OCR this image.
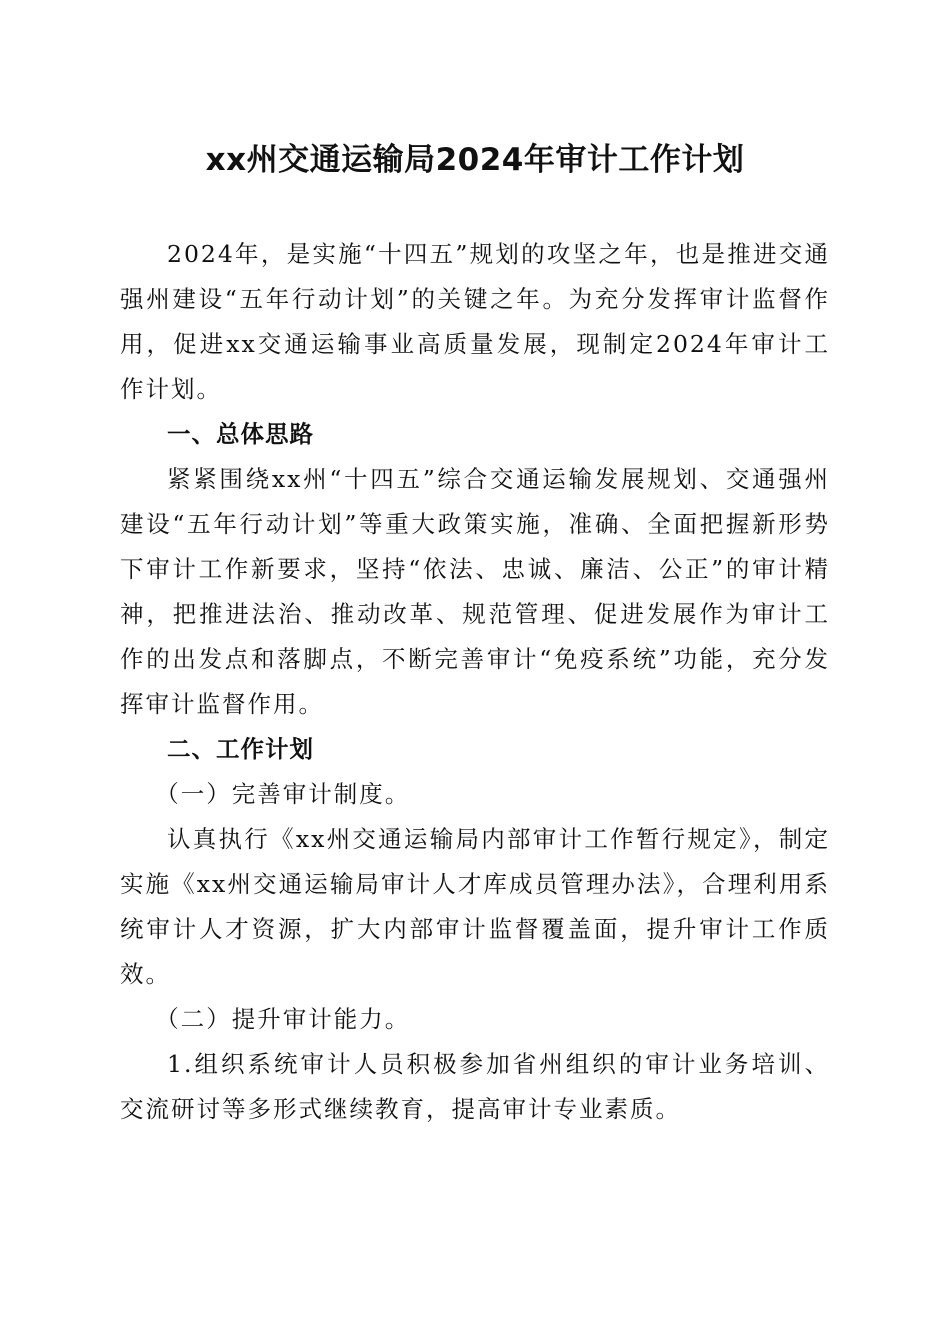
xx州交通运输局2024年审计工作计划

2024年，是实施“十四五”规划的攻坚之年，也是推进交通强州建设“五年行动计划”的关键之年。为充分发挥审计监督作用，促进xx交通运输事业高质量发展，现制定2024年审计工作计划。

一、总体思路

紧紧围绕xx州“十四五”综合交通运输发展规划、交通强州建设“五年行动计划”等重大政策实施，准确、全面把握新形势下审计工作新要求，坚持“依法、忠诚、廉洁、公正”的审计精神，把推进法治、推动改革、规范管理、促进发展作为审计工作的出发点和落脚点，不断完善审计“免疫系统”功能，充分发挥审计监督作用。

二、工作计划
（一）完善审计制度。

认真执行《xx州交通运输局内部审计工作暂行规定》，制定实施《xx州交通运输局审计人才库成员管理办法》，合理利用系统审计人才资源，扩大内部审计监督覆盖面，提升审计工作质效。

（二）提升审计能力。

1.组织系统审计人员积极参加省州组织的审计业务培训、交流研讨等多形式继续教育，提高审计专业素质。
